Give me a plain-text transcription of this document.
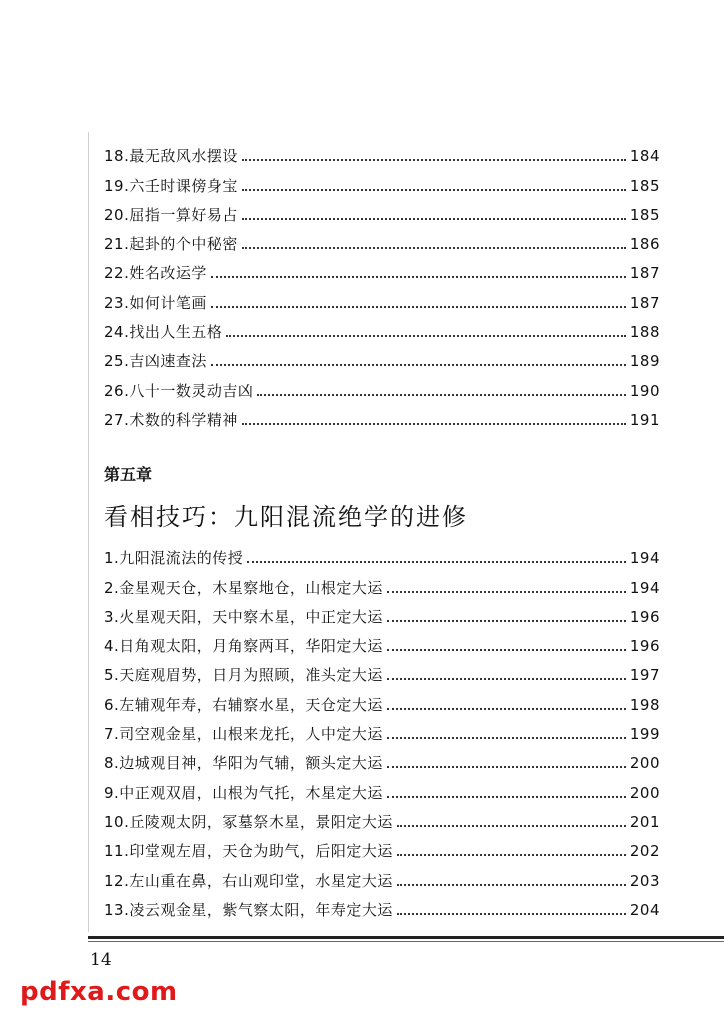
18.最无敌风水摆设	184
19.六壬时课傍身宝	185
20.屈指一算好易占	185
21.起卦的个中秘密	186
22.姓名改运学	187
23.如何计笔画	187
24.找出人生五格	188
25.吉凶速查法	189
26.八十一数灵动吉凶	190
27.术数的科学精神	191
第五章
看相技巧：九阳混流绝学的进修
1.九阳混流法的传授	194
2.金星观天仓，木星察地仓，山根定大运	194
3.火星观天阳，天中察木星，中正定大运	196
4.日角观太阳，月角察两耳，华阳定大运	196
5.天庭观眉势，日月为照顾，准头定大运	197
6.左辅观年寿，右辅察水星，天仓定大运	198
7.司空观金星，山根来龙托，人中定大运	199
8.边城观目神，华阳为气辅，额头定大运	200
9.中正观双眉，山根为气托，木星定大运	200
10.丘陵观太阴，冢墓祭木星，景阳定大运	201
11.印堂观左眉，天仓为助气，后阳定大运	202
12.左山重在鼻，右山观印堂，水星定大运	203
13.凌云观金星，紫气察太阳，年寿定大运	204
14
pdfxa.com
